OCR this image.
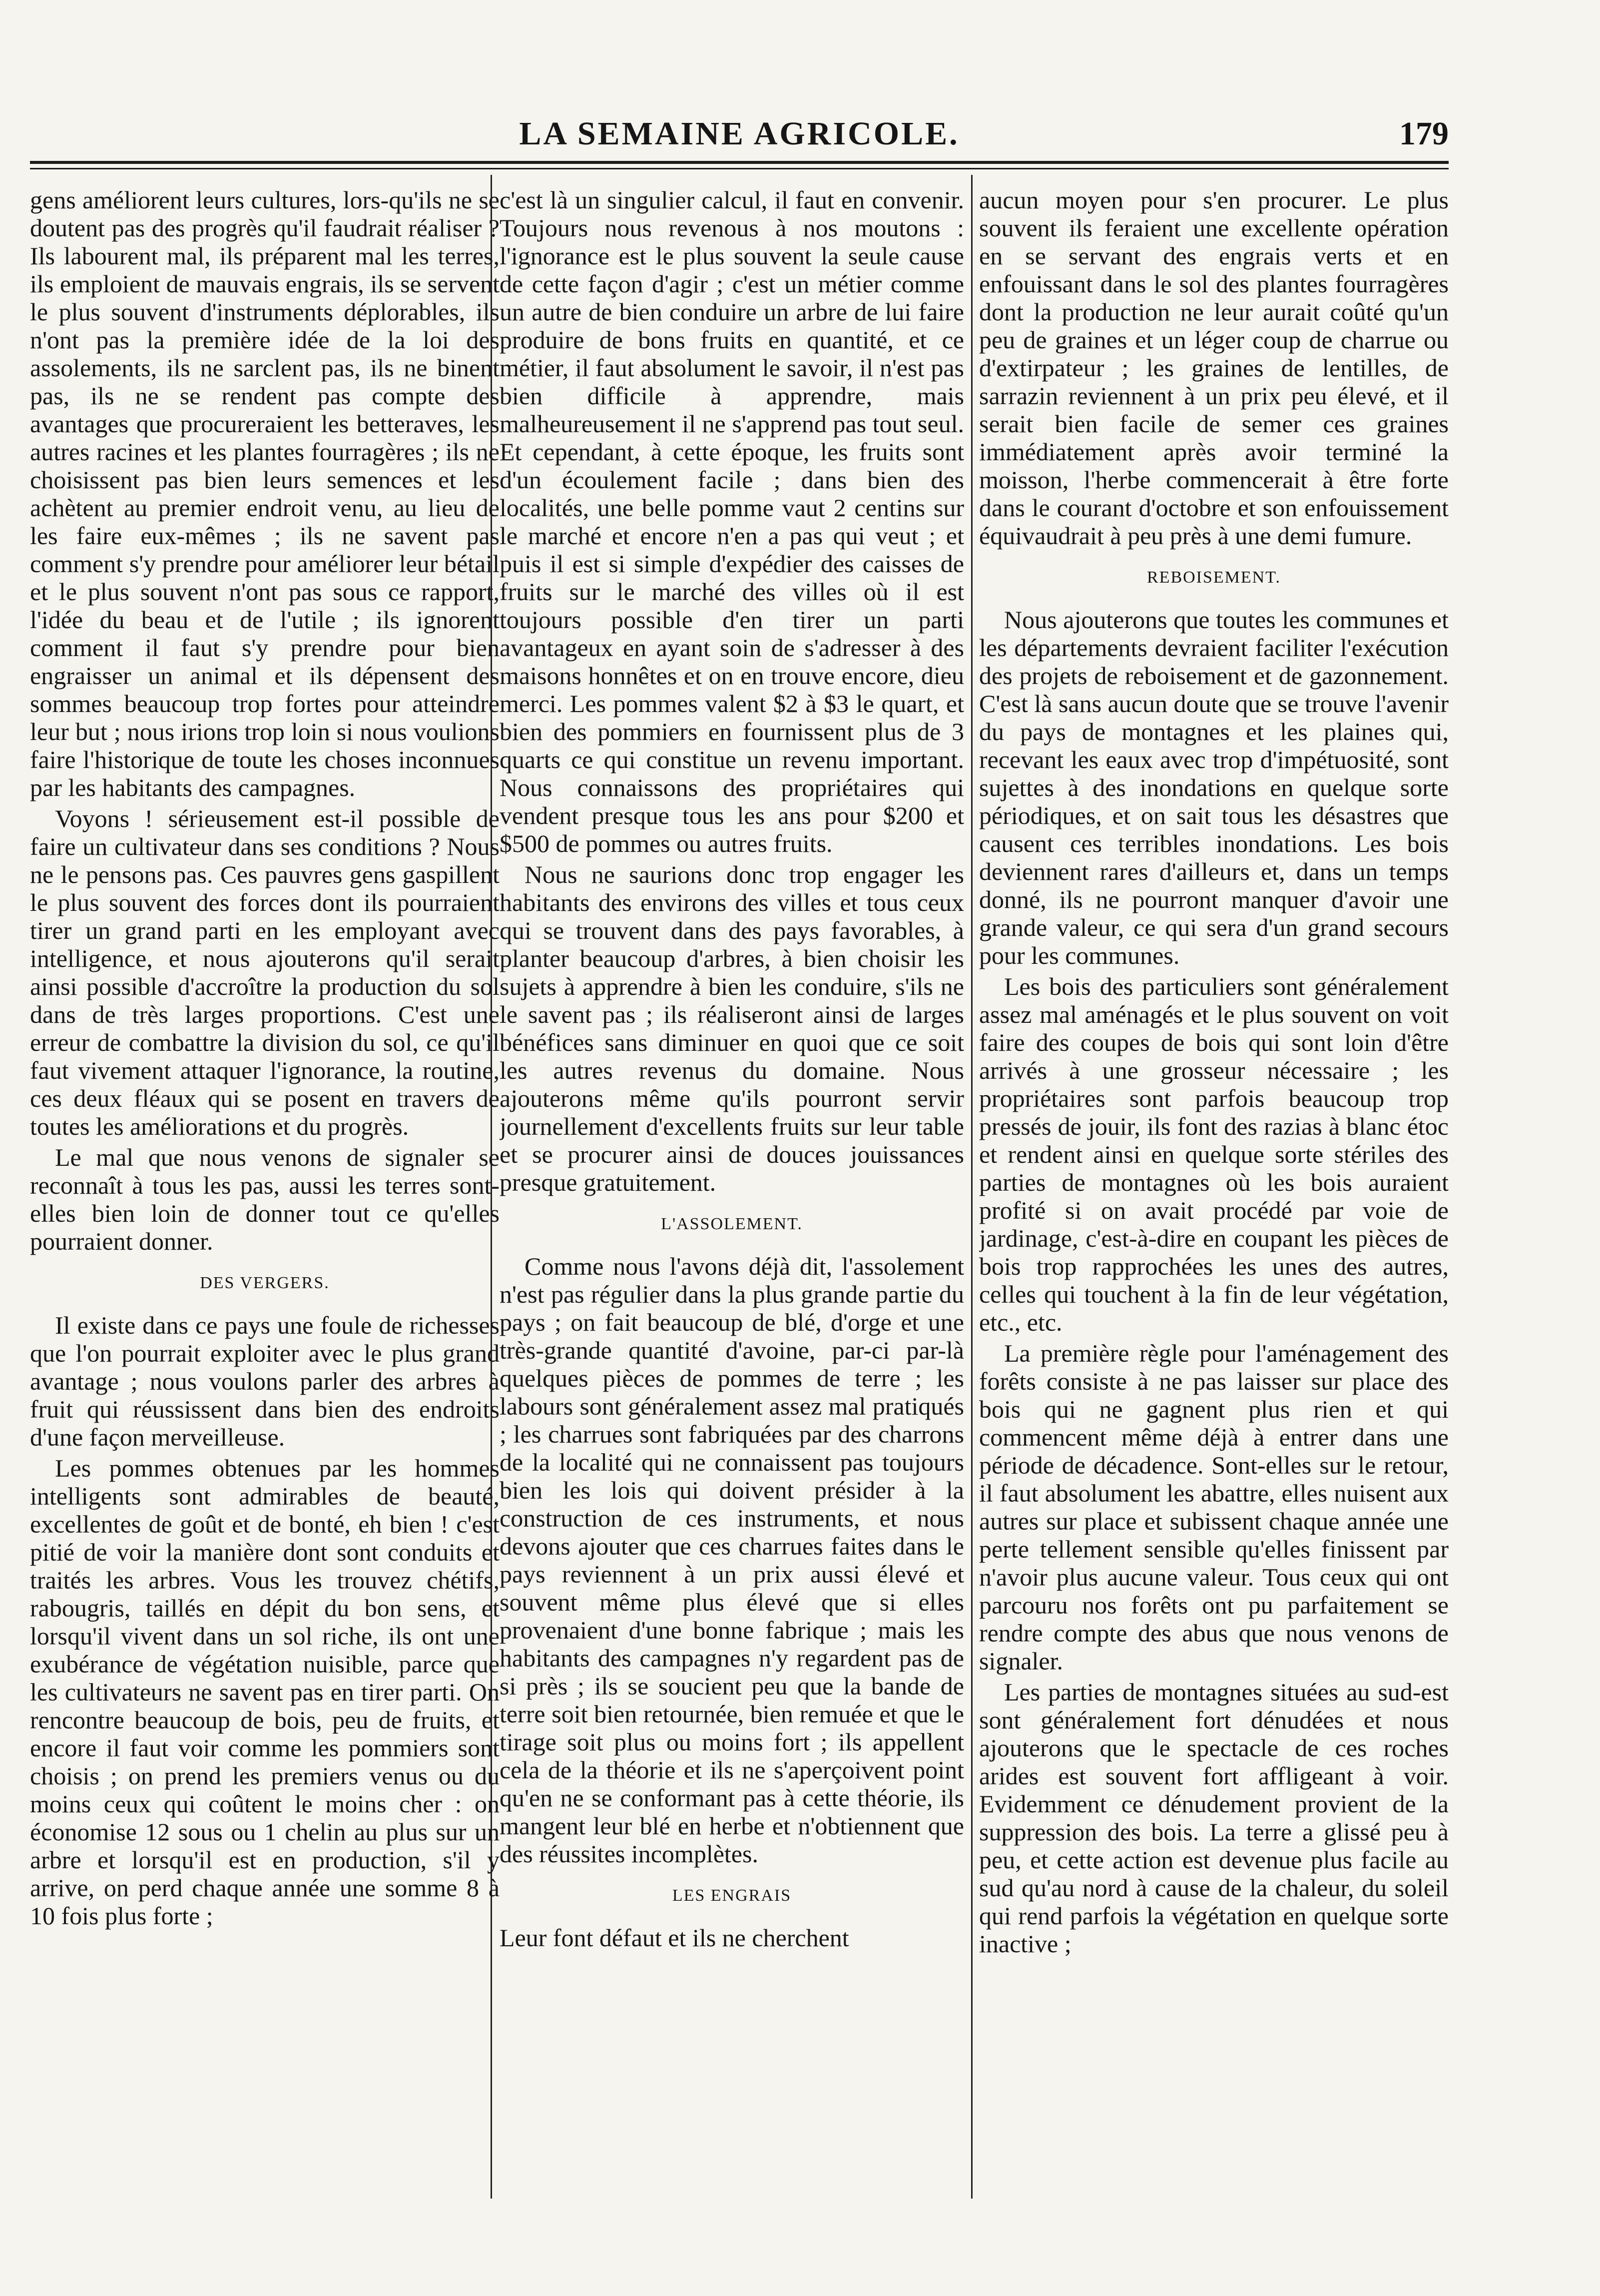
LA SEMAINE AGRICOLE.	179

gens améliorent leurs cultures, lors-qu'ils ne se doutent pas des progrès qu'il faudrait réaliser ? Ils labourent mal, ils préparent mal les terres, ils emploient de mauvais engrais, ils se servent le plus souvent d'instruments déplorables, ils n'ont pas la première idée de la loi des assolements, ils ne sarclent pas, ils ne binent pas, ils ne se rendent pas compte des avantages que procureraient les betteraves, les autres racines et les plantes fourragères ; ils ne choisissent pas bien leurs semences et les achètent au premier endroit venu, au lieu de les faire eux-mêmes ; ils ne savent pas comment s'y prendre pour améliorer leur bétail et le plus souvent n'ont pas sous ce rapport, l'idée du beau et de l'utile ; ils ignorent comment il faut s'y prendre pour bien engraisser un animal et ils dépensent des sommes beaucoup trop fortes pour atteindre leur but ; nous irions trop loin si nous voulions faire l'historique de toute les choses inconnues par les habitants des campagnes.

Voyons ! sérieusement est-il possible de faire un cultivateur dans ses conditions ? Nous ne le pensons pas. Ces pauvres gens gaspillent le plus souvent des forces dont ils pourraient tirer un grand parti en les employant avec intelligence, et nous ajouterons qu'il serait ainsi possible d'accroître la production du sol dans de très larges proportions. C'est une erreur de combattre la division du sol, ce qu'il faut vivement attaquer l'ignorance, la routine, ces deux fléaux qui se posent en travers de toutes les améliorations et du progrès.

Le mal que nous venons de signaler se reconnaît à tous les pas, aussi les terres sont-elles bien loin de donner tout ce qu'elles pourraient donner.

DES VERGERS.

Il existe dans ce pays une foule de richesses que l'on pourrait exploiter avec le plus grand avantage ; nous voulons parler des arbres à fruit qui réussissent dans bien des endroits d'une façon merveilleuse.

Les pommes obtenues par les hommes intelligents sont admirables de beauté, excellentes de goût et de bonté, eh bien ! c'est pitié de voir la manière dont sont conduits et traités les arbres. Vous les trouvez chétifs, rabougris, taillés en dépit du bon sens, et lorsqu'il vivent dans un sol riche, ils ont une exubérance de végétation nuisible, parce que les cultivateurs ne savent pas en tirer parti. On rencontre beaucoup de bois, peu de fruits, et encore il faut voir comme les pommiers sont choisis ; on prend les premiers venus ou du moins ceux qui coûtent le moins cher : on économise 12 sous ou 1 chelin au plus sur un arbre et lorsqu'il est en production, s'il y arrive, on perd chaque année une somme 8 à 10 fois plus forte ;

c'est là un singulier calcul, il faut en convenir. Toujours nous revenous à nos moutons : l'ignorance est le plus souvent la seule cause de cette façon d'agir ; c'est un métier comme un autre de bien conduire un arbre de lui faire produire de bons fruits en quantité, et ce métier, il faut absolument le savoir, il n'est pas bien difficile à apprendre, mais malheureusement il ne s'apprend pas tout seul. Et cependant, à cette époque, les fruits sont d'un écoulement facile ; dans bien des localités, une belle pomme vaut 2 centins sur le marché et encore n'en a pas qui veut ; et puis il est si simple d'expédier des caisses de fruits sur le marché des villes où il est toujours possible d'en tirer un parti avantageux en ayant soin de s'adresser à des maisons honnêtes et on en trouve encore, dieu merci. Les pommes valent $2 à $3 le quart, et bien des pommiers en fournissent plus de 3 quarts ce qui constitue un revenu important. Nous connaissons des propriétaires qui vendent presque tous les ans pour $200 et $500 de pommes ou autres fruits.

Nous ne saurions donc trop engager les habitants des environs des villes et tous ceux qui se trouvent dans des pays favorables, à planter beaucoup d'arbres, à bien choisir les sujets à apprendre à bien les conduire, s'ils ne le savent pas ; ils réaliseront ainsi de larges bénéfices sans diminuer en quoi que ce soit les autres revenus du domaine. Nous ajouterons même qu'ils pourront servir journellement d'excellents fruits sur leur table et se procurer ainsi de douces jouissances presque gratuitement.

L'ASSOLEMENT.

Comme nous l'avons déjà dit, l'assolement n'est pas régulier dans la plus grande partie du pays ; on fait beaucoup de blé, d'orge et une très-grande quantité d'avoine, par-ci par-là quelques pièces de pommes de terre ; les labours sont généralement assez mal pratiqués ; les charrues sont fabriquées par des charrons de la localité qui ne connaissent pas toujours bien les lois qui doivent présider à la construction de ces instruments, et nous devons ajouter que ces charrues faites dans le pays reviennent à un prix aussi élevé et souvent même plus élevé que si elles provenaient d'une bonne fabrique ; mais les habitants des campagnes n'y regardent pas de si près ; ils se soucient peu que la bande de terre soit bien retournée, bien remuée et que le tirage soit plus ou moins fort ; ils appellent cela de la théorie et ils ne s'aperçoivent point qu'en ne se conformant pas à cette théorie, ils mangent leur blé en herbe et n'obtiennent que des réussites incomplètes.

LES ENGRAIS

Leur font défaut et ils ne cherchent

aucun moyen pour s'en procurer. Le plus souvent ils feraient une excellente opération en se servant des engrais verts et en enfouissant dans le sol des plantes fourragères dont la production ne leur aurait coûté qu'un peu de graines et un léger coup de charrue ou d'extirpateur ; les graines de lentilles, de sarrazin reviennent à un prix peu élevé, et il serait bien facile de semer ces graines immédiatement après avoir terminé la moisson, l'herbe commencerait à être forte dans le courant d'octobre et son enfouissement équivaudrait à peu près à une demi fumure.

REBOISEMENT.

Nous ajouterons que toutes les communes et les départements devraient faciliter l'exécution des projets de reboisement et de gazonnement. C'est là sans aucun doute que se trouve l'avenir du pays de montagnes et les plaines qui, recevant les eaux avec trop d'impétuosité, sont sujettes à des inondations en quelque sorte périodiques, et on sait tous les désastres que causent ces terribles inondations. Les bois deviennent rares d'ailleurs et, dans un temps donné, ils ne pourront manquer d'avoir une grande valeur, ce qui sera d'un grand secours pour les communes.

Les bois des particuliers sont généralement assez mal aménagés et le plus souvent on voit faire des coupes de bois qui sont loin d'être arrivés à une grosseur nécessaire ; les propriétaires sont parfois beaucoup trop pressés de jouir, ils font des razias à blanc étoc et rendent ainsi en quelque sorte stériles des parties de montagnes où les bois auraient profité si on avait procédé par voie de jardinage, c'est-à-dire en coupant les pièces de bois trop rapprochées les unes des autres, celles qui touchent à la fin de leur végétation, etc., etc.

La première règle pour l'aménagement des forêts consiste à ne pas laisser sur place des bois qui ne gagnent plus rien et qui commencent même déjà à entrer dans une période de décadence. Sont-elles sur le retour, il faut absolument les abattre, elles nuisent aux autres sur place et subissent chaque année une perte tellement sensible qu'elles finissent par n'avoir plus aucune valeur. Tous ceux qui ont parcouru nos forêts ont pu parfaitement se rendre compte des abus que nous venons de signaler.

Les parties de montagnes situées au sud-est sont généralement fort dénudées et nous ajouterons que le spectacle de ces roches arides est souvent fort affligeant à voir. Evidemment ce dénudement provient de la suppression des bois. La terre a glissé peu à peu, et cette action est devenue plus facile au sud qu'au nord à cause de la chaleur, du soleil qui rend parfois la végétation en quelque sorte inactive ;
